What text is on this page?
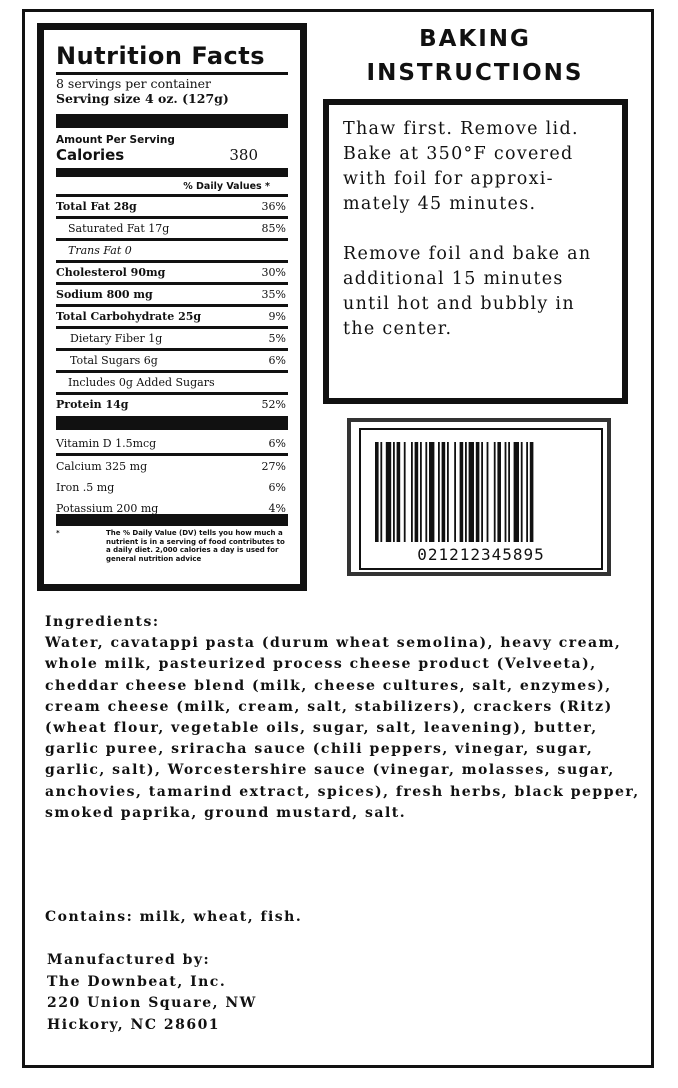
Nutrition Facts
8 servings per container
Serving size 4 oz. (127g)
Amount Per Serving
Calories	380
% Daily Values *
Total Fat 28g	36%
Saturated Fat 17g	85%
Trans Fat 0
Cholesterol 90mg	30%
Sodium 800 mg	35%
Total Carbohydrate 25g	9%
Dietary Fiber 1g	5%
Total Sugars 6g	6%
Includes 0g Added Sugars
Protein 14g	52%
Vitamin D 1.5mcg	6%
Calcium 325 mg	27%
Iron .5 mg	6%
Potassium 200 mg	4%
*	The % Daily Value (DV) tells you how much a nutrient is in a serving of food contributes to a daily diet. 2,000 calories a day is used for general nutrition advice
BAKING
INSTRUCTIONS

Thaw first. Remove lid. Bake at 350°F covered with foil for approxi-mately 45 minutes.

Remove foil and bake an additional 15 minutes until hot and bubbly in the center.

021212345895

Ingredients:

Water, cavatappi pasta (durum wheat semolina), heavy cream, whole milk, pasteurized process cheese product (Velveeta), cheddar cheese blend (milk, cheese cultures, salt, enzymes), cream cheese (milk, cream, salt, stabilizers), crackers (Ritz) (wheat flour, vegetable oils, sugar, salt, leavening), butter, garlic puree, sriracha sauce (chili peppers, vinegar, sugar, garlic, salt), Worcestershire sauce (vinegar, molasses, sugar, anchovies, tamarind extract, spices), fresh herbs, black pepper, smoked paprika, ground mustard, salt.

Contains: milk, wheat, fish.
Manufactured by:
The Downbeat, Inc.
220 Union Square, NW
Hickory, NC 28601
